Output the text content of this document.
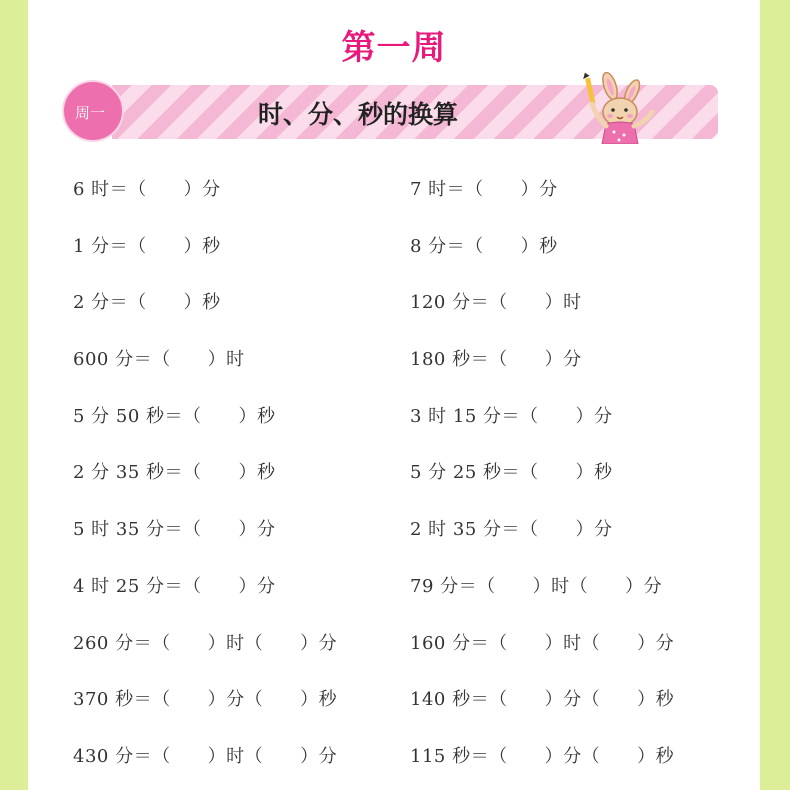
第一周
周一	时、分、秒的换算
6 时＝（　　）分
1 分＝（　　）秒
2 分＝（　　）秒
600 分＝（　　）时
5 分 50 秒＝（　　）秒
2 分 35 秒＝（　　）秒
5 时 35 分＝（　　）分
4 时 25 分＝（　　）分
260 分＝（　　）时（　　）分
370 秒＝（　　）分（　　）秒
430 分＝（　　）时（　　）分
7 时＝（　　）分
8 分＝（　　）秒
120 分＝（　　）时
180 秒＝（　　）分
3 时 15 分＝（　　）分
5 分 25 秒＝（　　）秒
2 时 35 分＝（　　）分
79 分＝（　　）时（　　）分
160 分＝（　　）时（　　）分
140 秒＝（　　）分（　　）秒
115 秒＝（　　）分（　　）秒
